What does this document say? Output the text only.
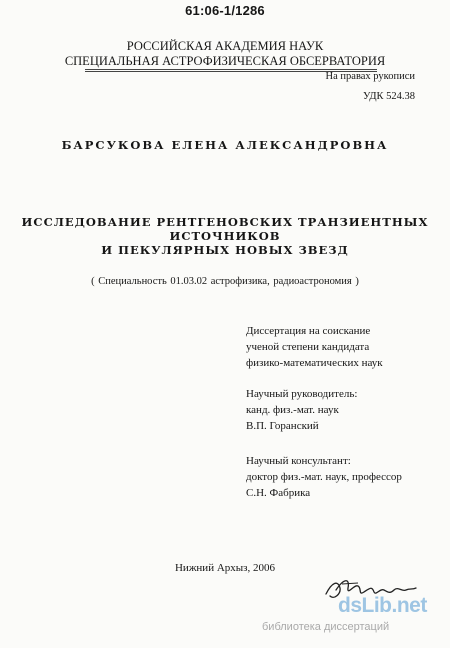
61:06-1/1286
РОССИЙСКАЯ АКАДЕМИЯ НАУК
СПЕЦИАЛЬНАЯ АСТРОФИЗИЧЕСКАЯ ОБСЕРВАТОРИЯ
На правах рукописи
УДК 524.38
БАРСУКОВА ЕЛЕНА АЛЕКСАНДРОВНА
ИССЛЕДОВАНИЕ РЕНТГЕНОВСКИХ ТРАНЗИЕНТНЫХ
ИСТОЧНИКОВ
И ПЕКУЛЯРНЫХ НОВЫХ ЗВЕЗД
( Специальность 01.03.02 астрофизика, радиоастрономия )
Диссертация на соискание
ученой степени кандидата
физико-математических наук
Научный руководитель:
канд. физ.-мат. наук
В.П. Горанский
Научный консультант:
доктор физ.-мат. наук, профессор
С.Н. Фабрика
Нижний Архыз, 2006
dsLib.net
библиотека диссертаций
